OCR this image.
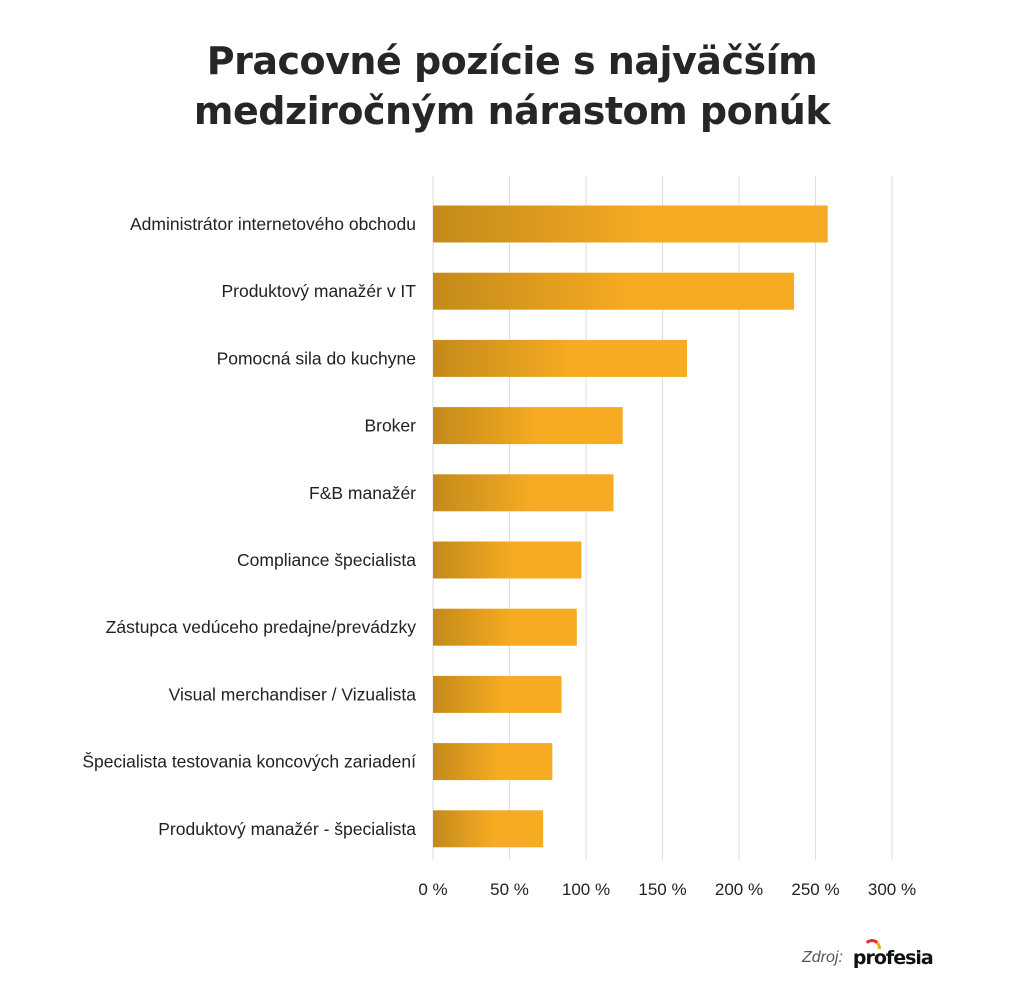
Pracovné pozície s najväčším
medziročným nárastom ponúk
Administrátor internetového obchodu
Produktový manažér v IT
Pomocná sila do kuchyne
Broker
F&B manažér
Compliance špecialista
Zástupca vedúceho predajne/prevádzky
Visual merchandiser / Vizualista
Špecialista testovania koncových zariadení
Produktový manažér - špecialista
0 % 50 % 100 % 150 % 200 % 250 % 300 %
Zdroj: profesia
